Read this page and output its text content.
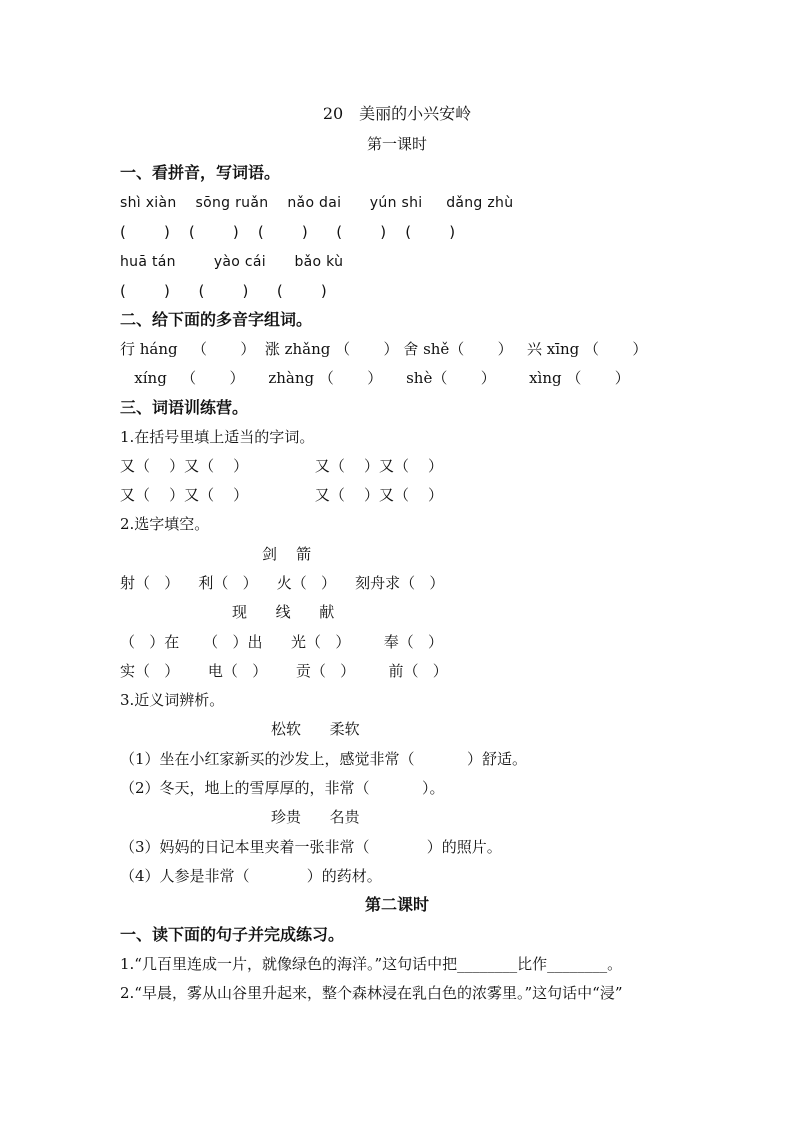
20　美丽的小兴安岭
第一课时
一、看拼音，写词语。
shì xiàn    sōng ruǎn    nǎo dai      yún shi     dǎng zhù
(        )    (        )    (        )      (        )    (        )
huā tán        yào cái      bǎo kù
(        )      (        )      (        )
二、给下面的多音字组词。
行 háng   （       ）  涨 zhǎng （       ） 舍 shě（       ）   兴 xīng （       ）
xíng   （       ）     zhàng （       ）     shè（       ）       xìng （       ）
三、词语训练营。
1.在括号里填上适当的字词。
又（    ）又（    ）              又（    ）又（    ）
又（    ）又（    ）              又（    ）又（    ）
2.选字填空。
剑    箭
射（   ）    利（   ）    火（   ）    刻舟求（   ）
现      线      献
（   ）在     （   ）出      光（   ）       奉（   ）
实（   ）      电（   ）      贡（   ）       前（   ）
3.近义词辨析。
松软      柔软
（1）坐在小红家新买的沙发上，感觉非常（           ）舒适。
（2）冬天，地上的雪厚厚的，非常（           ）。
珍贵      名贵
（3）妈妈的日记本里夹着一张非常（            ）的照片。
（4）人参是非常（            ）的药材。
第二课时
一、读下面的句子并完成练习。
1.“几百里连成一片，就像绿色的海洋。”这句话中把________比作________。
2.“早晨，雾从山谷里升起来，整个森林浸在乳白色的浓雾里。”这句话中“浸”
